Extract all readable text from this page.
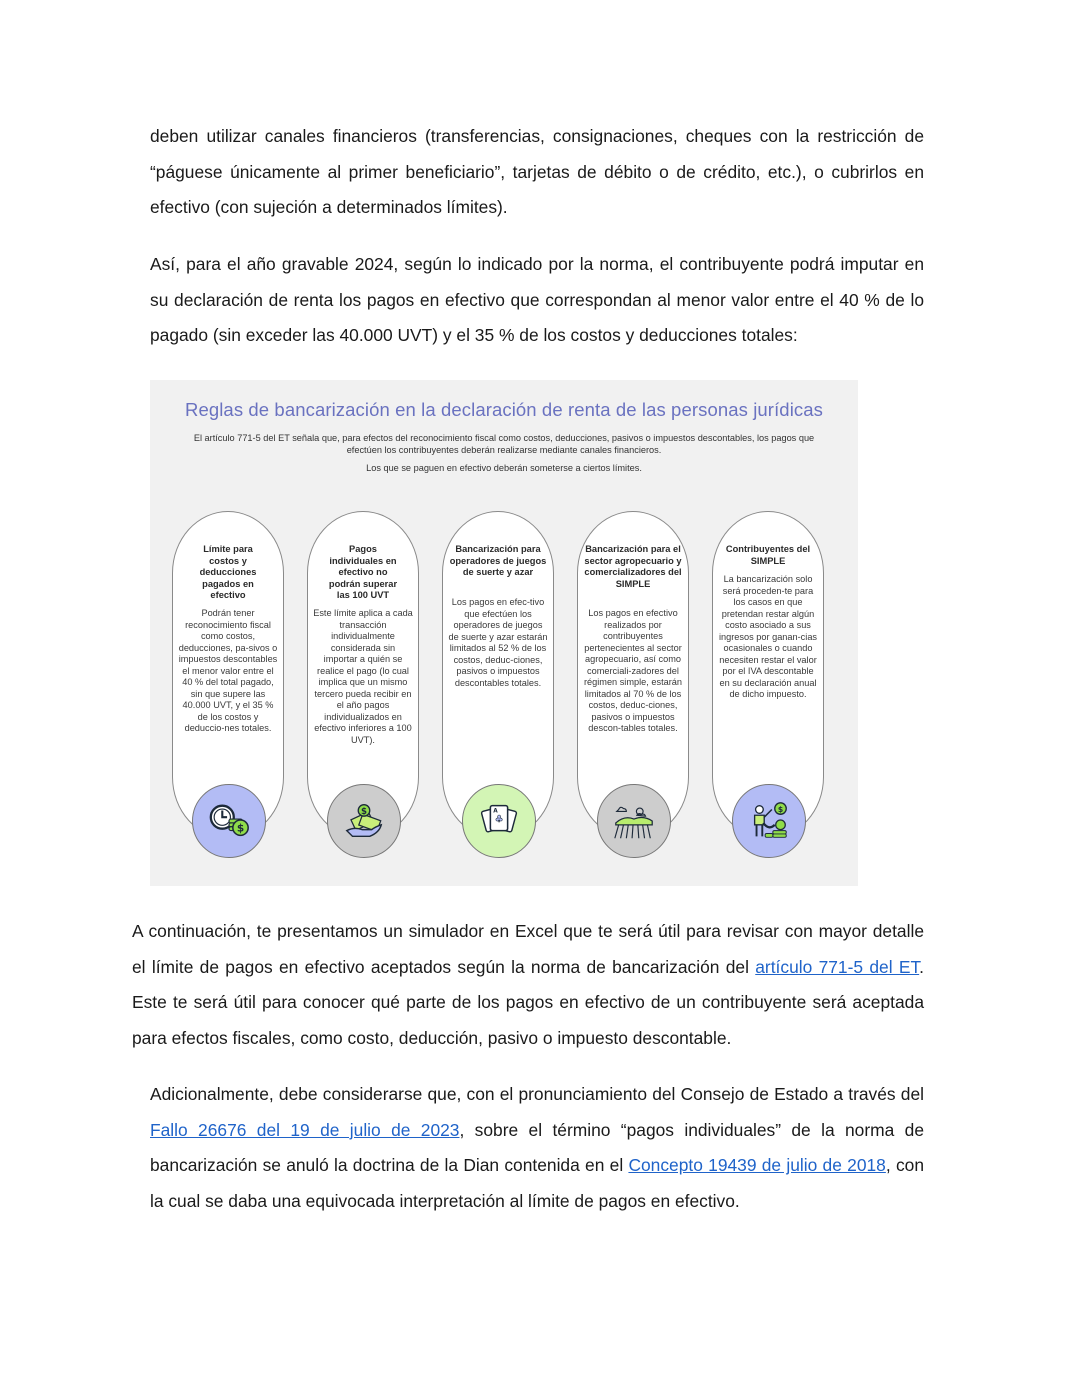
deben utilizar canales financieros (transferencias, consignaciones, cheques con la restricción de “páguese únicamente al primer beneficiario”, tarjetas de débito o de crédito, etc.), o cubrirlos en efectivo (con sujeción a determinados límites).

Así, para el año gravable 2024, según lo indicado por la norma, el contribuyente podrá imputar en su declaración de renta los pagos en efectivo que correspondan al menor valor entre el 40 % de lo pagado (sin exceder las 40.000 UVT) y el 35 % de los costos y deducciones totales:

Reglas de bancarización en la declaración de renta de las personas jurídicas
El artículo 771-5 del ET señala que, para efectos del reconocimiento fiscal como costos, deducciones, pasivos o impuestos descontables, los pagos que efectúen los contribuyentes deberán realizarse mediante canales financieros.
Los que se paguen en efectivo deberán someterse a ciertos límites.
Límite para costos y deducciones pagados en efectivo
Podrán tener reconocimiento fiscal como costos, deducciones, pa-sivos o impuestos descontables el menor valor entre el 40 % del total pagado, sin que supere las 40.000 UVT, y el 35 % de los costos y deduccio-nes totales.
$
Pagos individuales en efectivo no podrán superar las 100 UVT
Este límite aplica a cada transacción individualmente considerada sin importar a quién se realice el pago (lo cual implica que un mismo tercero pueda recibir en el año pagos individualizados en efectivo inferiores a 100 UVT).
$
Bancarización para operadores de juegos de suerte y azar
Los pagos en efec-tivo que efectúen los operadores de juegos de suerte y azar estarán limitados al 52 % de los costos, deduc-ciones, pasivos o impuestos descontables totales.
A
♣
Bancarización para el sector agropecuario y comercializadores del SIMPLE
Los pagos en efectivo realizados por contribuyentes pertenecientes al sector agropecuario, así como comerciali-zadores del régimen simple, estarán limitados al 70 % de los costos, deduc-ciones, pasivos o impuestos descon-tables totales.
Contribuyentes del SIMPLE
La bancarización solo será proceden-te para los casos en que pretendan restar algún costo asociado a sus ingresos por ganan-cias ocasionales o cuando necesiten restar el valor por el IVA descontable en su declaración anual de dicho impuesto.
$

A continuación, te presentamos un simulador en Excel que te será útil para revisar con mayor detalle el límite de pagos en efectivo aceptados según la norma de bancarización del artículo 771-5 del ET. Este te será útil para conocer qué parte de los pagos en efectivo de un contribuyente será aceptada para efectos fiscales, como costo, deducción, pasivo o impuesto descontable.

Adicionalmente, debe considerarse que, con el pronunciamiento del Consejo de Estado a través del Fallo 26676 del 19 de julio de 2023, sobre el término “pagos individuales” de la norma de bancarización se anuló la doctrina de la Dian contenida en el Concepto 19439 de julio de 2018, con la cual se daba una equivocada interpretación al límite de pagos en efectivo.
